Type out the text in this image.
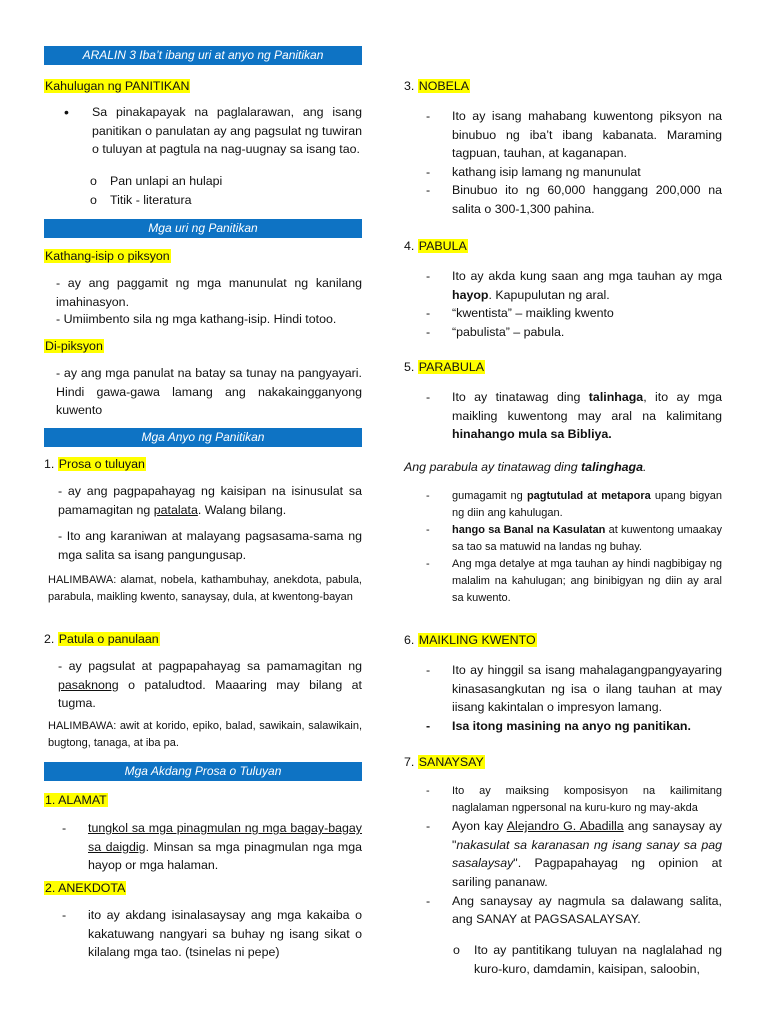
ARALIN 3 Iba’t ibang uri at anyo ng Panitikan
Kahulugan ng PANITIKAN
• Sa pinakapayak na paglalarawan, ang isang panitikan o panulatan ay ang pagsulat ng tuwiran o tuluyan at pagtula na nag-uugnay sa isang tao.
o Pan unlapi an hulapi
o Titik - literatura
Mga uri ng Panitikan
Kathang-isip o piksyon
- ay ang paggamit ng mga manunulat ng kanilang imahinasyon.
- Umiimbento sila ng mga kathang-isip. Hindi totoo.
Di-piksyon
- ay ang mga panulat na batay sa tunay na pangyayari. Hindi gawa-gawa lamang ang nakakaingganyong kuwento
Mga Anyo ng Panitikan
1. Prosa o tuluyan
- ay ang pagpapahayag ng kaisipan na isinusulat sa pamamagitan ng patalata. Walang bilang.
- Ito ang karaniwan at malayang pagsasama-sama ng mga salita sa isang pangungusap.
HALIMBAWA: alamat, nobela, kathambuhay, anekdota, pabula, parabula, maikling kwento, sanaysay, dula, at kwentong-bayan
2. Patula o panulaan
- ay pagsulat at pagpapahayag sa pamamagitan ng pasaknong o pataludtod. Maaaring may bilang at tugma.
HALIMBAWA: awit at korido, epiko, balad, sawikain, salawikain, bugtong, tanaga, at iba pa.
Mga Akdang Prosa o Tuluyan
1. ALAMAT
- tungkol sa mga pinagmulan ng mga bagay-bagay sa daigdig. Minsan sa mga pinagmulan nga mga hayop or mga halaman.
2. ANEKDOTA
- ito ay akdang isinalasaysay ang mga kakaiba o kakatuwang nangyari sa buhay ng isang sikat o kilalang mga tao. (tsinelas ni pepe)
3. NOBELA
- Ito ay isang mahabang kuwentong piksyon na binubuo ng iba’t ibang kabanata. Maraming tagpuan, tauhan, at kaganapan.
- kathang isip lamang ng manunulat
- Binubuo ito ng 60,000 hanggang 200,000 na salita o 300-1,300 pahina.
4. PABULA
- Ito ay akda kung saan ang mga tauhan ay mga hayop. Kapupulutan ng aral.
- “kwentista” – maikling kwento
- “pabulista” – pabula.
5. PARABULA
- Ito ay tinatawag ding talinhaga, ito ay mga maikling kuwentong may aral na kalimitang hinahango mula sa Bibliya.
Ang parabula ay tinatawag ding talinghaga.
- gumagamit ng pagtutulad at metapora upang bigyan ng diin ang kahulugan.
- hango sa Banal na Kasulatan at kuwentong umaakay sa tao sa matuwid na landas ng buhay.
- Ang mga detalye at mga tauhan ay hindi nagbibigay ng malalim na kahulugan; ang binibigyan ng diin ay aral sa kuwento.
6. MAIKLING KWENTO
- Ito ay hinggil sa isang mahalagangpangyayaring kinasasangkutan ng isa o ilang tauhan at may iisang kakintalan o impresyon lamang.
- Isa itong masining na anyo ng panitikan.
7. SANAYSAY
- Ito ay maiksing komposisyon na kailimitang naglalaman ngpersonal na kuru-kuro ng may-akda
- Ayon kay Alejandro G. Abadilla ang sanaysay ay "nakasulat sa karanasan ng isang sanay sa pag sasalaysay". Pagpapahayag ng opinion at sariling pananaw.
- Ang sanaysay ay nagmula sa dalawang salita, ang SANAY at PAGSASALAYSAY.
o Ito ay pantitikang tuluyan na naglalahad ng kuro-kuro, damdamin, kaisipan, saloobin,
